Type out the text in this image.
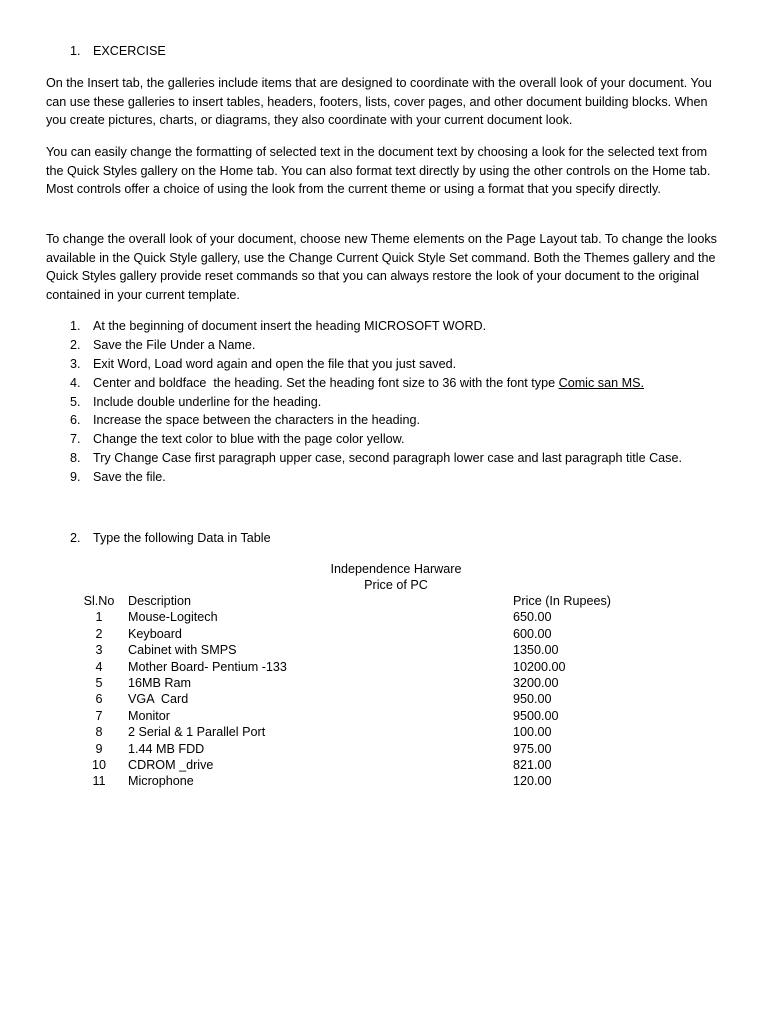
1. EXCERCISE

On the Insert tab, the galleries include items that are designed to coordinate with the overall look of your document. You can use these galleries to insert tables, headers, footers, lists, cover pages, and other document building blocks. When you create pictures, charts, or diagrams, they also coordinate with your current document look.

You can easily change the formatting of selected text in the document text by choosing a look for the selected text from the Quick Styles gallery on the Home tab. You can also format text directly by using the other controls on the Home tab. Most controls offer a choice of using the look from the current theme or using a format that you specify directly.

To change the overall look of your document, choose new Theme elements on the Page Layout tab. To change the looks available in the Quick Style gallery, use the Change Current Quick Style Set command. Both the Themes gallery and the Quick Styles gallery provide reset commands so that you can always restore the look of your document to the original contained in your current template.

1. At the beginning of document insert the heading MICROSOFT WORD.
2. Save the File Under a Name.
3. Exit Word, Load word again and open the file that you just saved.
4. Center and boldface  the heading. Set the heading font size to 36 with the font type Comic san MS.
5. Include double underline for the heading.
6. Increase the space between the characters in the heading.
7. Change the text color to blue with the page color yellow.
8. Try Change Case first paragraph upper case, second paragraph lower case and last paragraph title Case.
9. Save the file.
2. Type the following Data in Table
Independence Harware
Price of PC
Sl.No	Description	Price (In Rupees)
1	Mouse-Logitech	650.00
2	Keyboard	600.00
3	Cabinet with SMPS	1350.00
4	Mother Board- Pentium -133	10200.00
5	16MB Ram	3200.00
6	VGA  Card	950.00
7	Monitor	9500.00
8	2 Serial & 1 Parallel Port	100.00
9	1.44 MB FDD	975.00
10	CDROM _drive	821.00
11	Microphone	120.00
